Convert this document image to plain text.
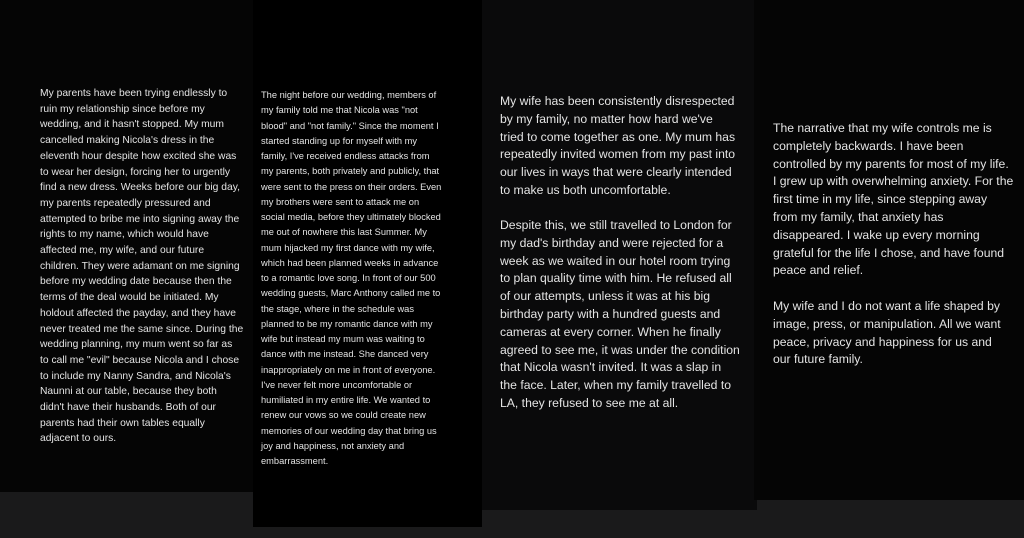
My parents have been trying endlessly to
ruin my relationship since before my
wedding, and it hasn't stopped. My mum
cancelled making Nicola's dress in the
eleventh hour despite how excited she was
to wear her design, forcing her to urgently
find a new dress. Weeks before our big day,
my parents repeatedly pressured and
attempted to bribe me into signing away the
rights to my name, which would have
affected me, my wife, and our future
children. They were adamant on me signing
before my wedding date because then the
terms of the deal would be initiated. My
holdout affected the payday, and they have
never treated me the same since. During the
wedding planning, my mum went so far as
to call me "evil" because Nicola and I chose
to include my Nanny Sandra, and Nicola's
Naunni at our table, because they both
didn't have their husbands. Both of our
parents had their own tables equally
adjacent to ours.

The night before our wedding, members of
my family told me that Nicola was "not
blood" and "not family." Since the moment I
started standing up for myself with my
family, I've received endless attacks from
my parents, both privately and publicly, that
were sent to the press on their orders. Even
my brothers were sent to attack me on
social media, before they ultimately blocked
me out of nowhere this last Summer. My
mum hijacked my first dance with my wife,
which had been planned weeks in advance
to a romantic love song. In front of our 500
wedding guests, Marc Anthony called me to
the stage, where in the schedule was
planned to be my romantic dance with my
wife but instead my mum was waiting to
dance with me instead. She danced very
inappropriately on me in front of everyone.
I've never felt more uncomfortable or
humiliated in my entire life. We wanted to
renew our vows so we could create new
memories of our wedding day that bring us
joy and happiness, not anxiety and
embarrassment.

My wife has been consistently disrespected
by my family, no matter how hard we've
tried to come together as one. My mum has
repeatedly invited women from my past into
our lives in ways that were clearly intended
to make us both uncomfortable.

Despite this, we still travelled to London for
my dad's birthday and were rejected for a
week as we waited in our hotel room trying
to plan quality time with him. He refused all
of our attempts, unless it was at his big
birthday party with a hundred guests and
cameras at every corner. When he finally
agreed to see me, it was under the condition
that Nicola wasn't invited. It was a slap in
the face. Later, when my family travelled to
LA, they refused to see me at all.

The narrative that my wife controls me is
completely backwards. I have been
controlled by my parents for most of my life.
I grew up with overwhelming anxiety. For the
first time in my life, since stepping away
from my family, that anxiety has
disappeared. I wake up every morning
grateful for the life I chose, and have found
peace and relief.

My wife and I do not want a life shaped by
image, press, or manipulation. All we want
peace, privacy and happiness for us and
our future family.
